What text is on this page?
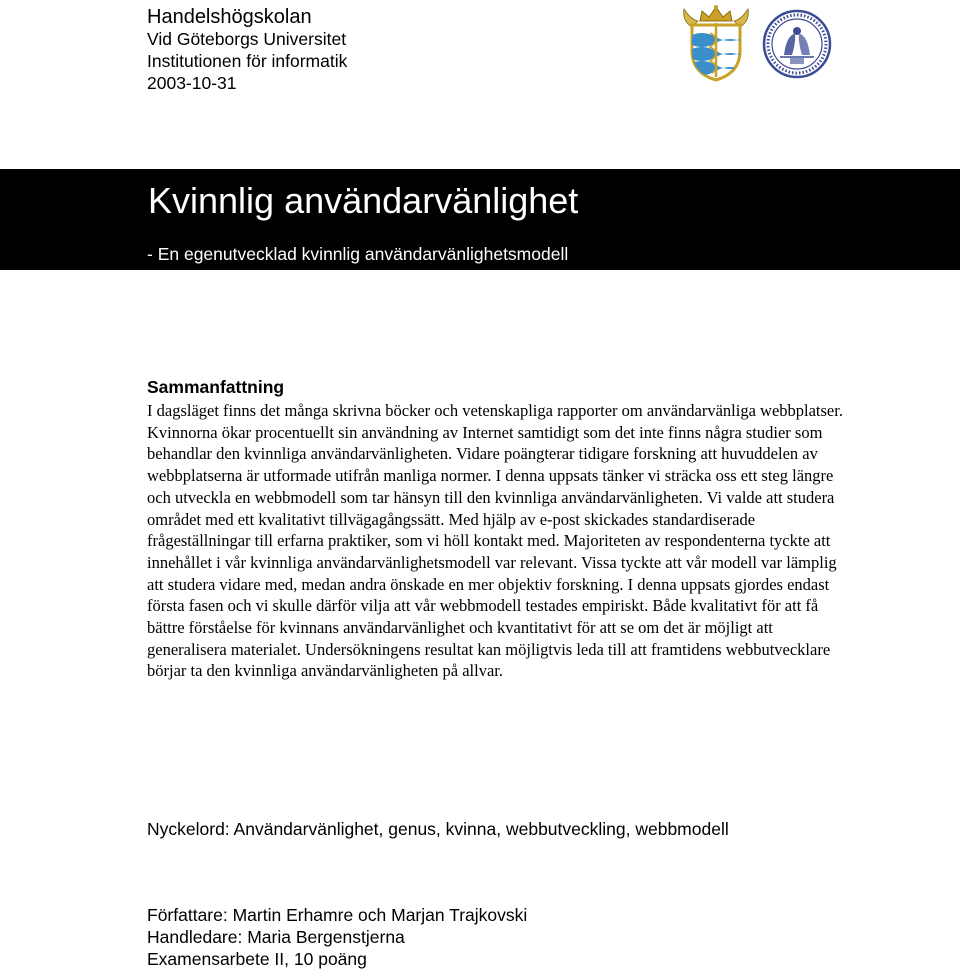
Handelshögskolan
Vid Göteborgs Universitet
Institutionen för informatik
2003-10-31
Kvinnlig användarvänlighet
- En egenutvecklad kvinnlig användarvänlighetsmodell
Sammanfattning

I dagsläget finns det många skrivna böcker och vetenskapliga rapporter om användarvänliga webbplatser. Kvinnorna ökar procentuellt sin användning av Internet samtidigt som det inte finns några studier som behandlar den kvinnliga användarvänligheten. Vidare poängterar tidigare forskning att huvuddelen av webbplatserna är utformade utifrån manliga normer. I denna uppsats tänker vi sträcka oss ett steg längre och utveckla en webbmodell som tar hänsyn till den kvinnliga användarvänligheten. Vi valde att studera området med ett kvalitativt tillvägagångssätt. Med hjälp av e-post skickades standardiserade frågeställningar till erfarna praktiker, som vi höll kontakt med. Majoriteten av respondenterna tyckte att innehållet i vår kvinnliga användarvänlighetsmodell var relevant. Vissa tyckte att vår modell var lämplig att studera vidare med, medan andra önskade en mer objektiv forskning. I denna uppsats gjordes endast första fasen och vi skulle därför vilja att vår webbmodell testades empiriskt. Både kvalitativt för att få bättre förståelse för kvinnans användarvänlighet och kvantitativt för att se om det är möjligt att generalisera materialet. Undersökningens resultat kan möjligtvis leda till att framtidens webbutvecklare börjar ta den kvinnliga användarvänligheten på allvar.

Nyckelord: Användarvänlighet, genus, kvinna, webbutveckling, webbmodell
Författare: Martin Erhamre och Marjan Trajkovski
Handledare: Maria Bergenstjerna
Examensarbete II, 10 poäng
